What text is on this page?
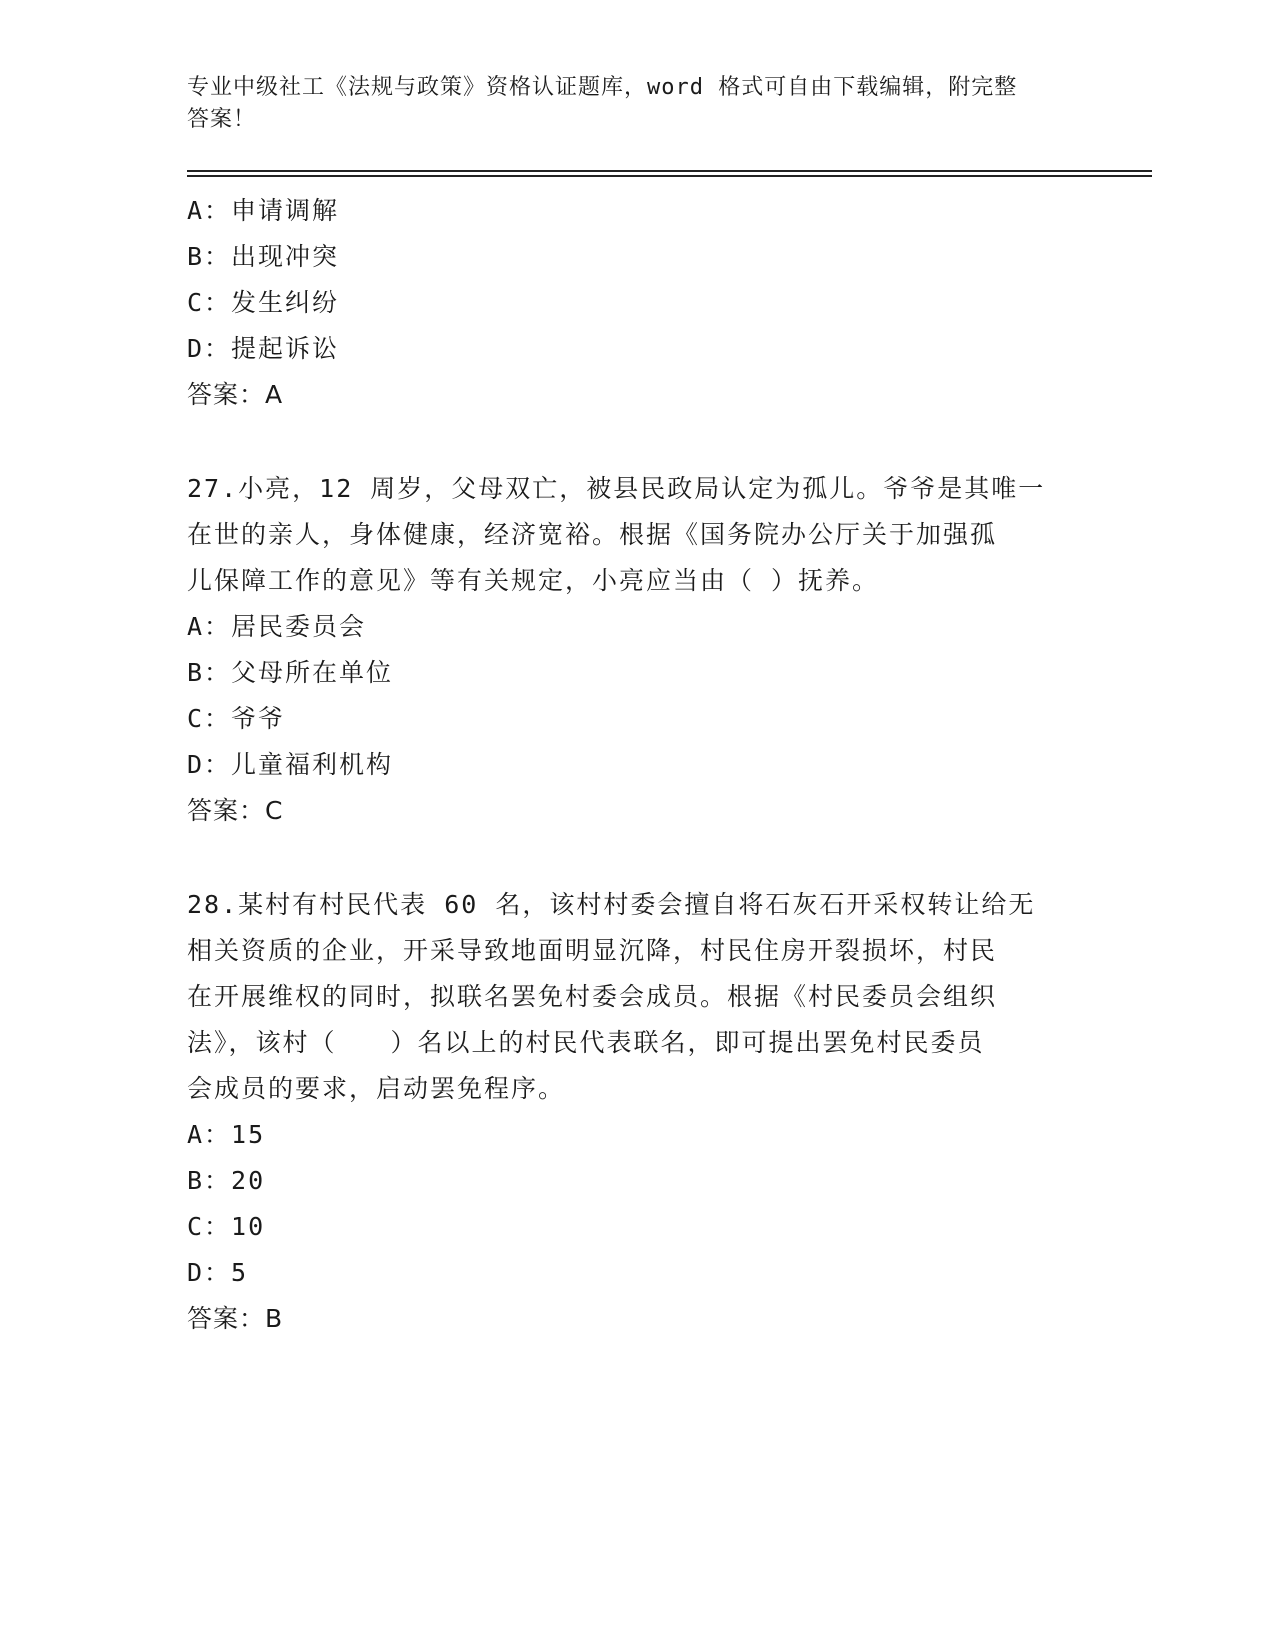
专业中级社工《法规与政策》资格认证题库，word 格式可自由下载编辑，附完整
答案！
A：申请调解
B：出现冲突
C：发生纠纷
D：提起诉讼
答案：A
27.小亮，12 周岁，父母双亡，被县民政局认定为孤儿。爷爷是其唯一
在世的亲人，身体健康，经济宽裕。根据《国务院办公厅关于加强孤
儿保障工作的意见》等有关规定，小亮应当由（ ）抚养。
A：居民委员会
B：父母所在单位
C：爷爷
D：儿童福利机构
答案：C
28.某村有村民代表 60 名，该村村委会擅自将石灰石开采权转让给无
相关资质的企业，开采导致地面明显沉降，村民住房开裂损坏，村民
在开展维权的同时，拟联名罢免村委会成员。根据《村民委员会组织
法》，该村（　　）名以上的村民代表联名，即可提出罢免村民委员
会成员的要求，启动罢免程序。
A：15
B：20
C：10
D：5
答案：B
